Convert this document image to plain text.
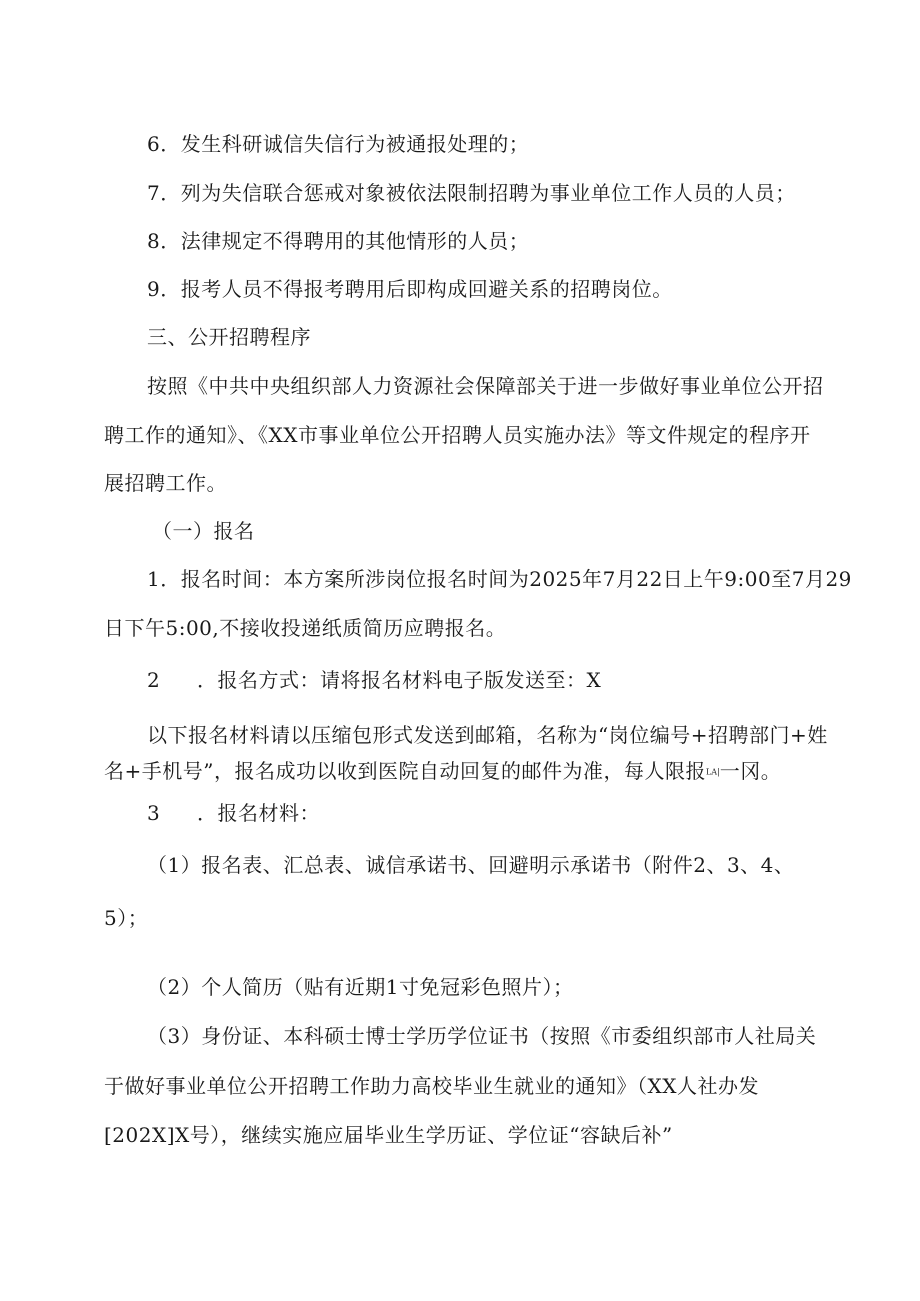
6．发生科研诚信失信行为被通报处理的；
7．列为失信联合惩戒对象被依法限制招聘为事业单位工作人员的人员；
8．法律规定不得聘用的其他情形的人员；
9．报考人员不得报考聘用后即构成回避关系的招聘岗位。
三、公开招聘程序
按照《中共中央组织部人力资源社会保障部关于进一步做好事业单位公开招
聘工作的通知》、《XX市事业单位公开招聘人员实施办法》等文件规定的程序开
展招聘工作。
（一）报名
1．报名时间：本方案所涉岗位报名时间为2025年7月22日上午9:00至7月29
日下午5:00,不接收投递纸质简历应聘报名。
2 ．报名方式：请将报名材料电子版发送至：X
以下报名材料请以压缩包形式发送到邮箱，名称为“岗位编号+招聘部门+姓
名+手机号”，报名成功以收到医院自动回复的邮件为准，每人限报LA|一冈。
3 ．报名材料：
（1）报名表、汇总表、诚信承诺书、回避明示承诺书（附件2、3、4、
5）；
（2）个人简历（贴有近期1寸免冠彩色照片）；
（3）身份证、本科硕士博士学历学位证书（按照《市委组织部市人社局关
于做好事业单位公开招聘工作助力高校毕业生就业的通知》（XX人社办发
[202X]X号），继续实施应届毕业生学历证、学位证“容缺后补”
